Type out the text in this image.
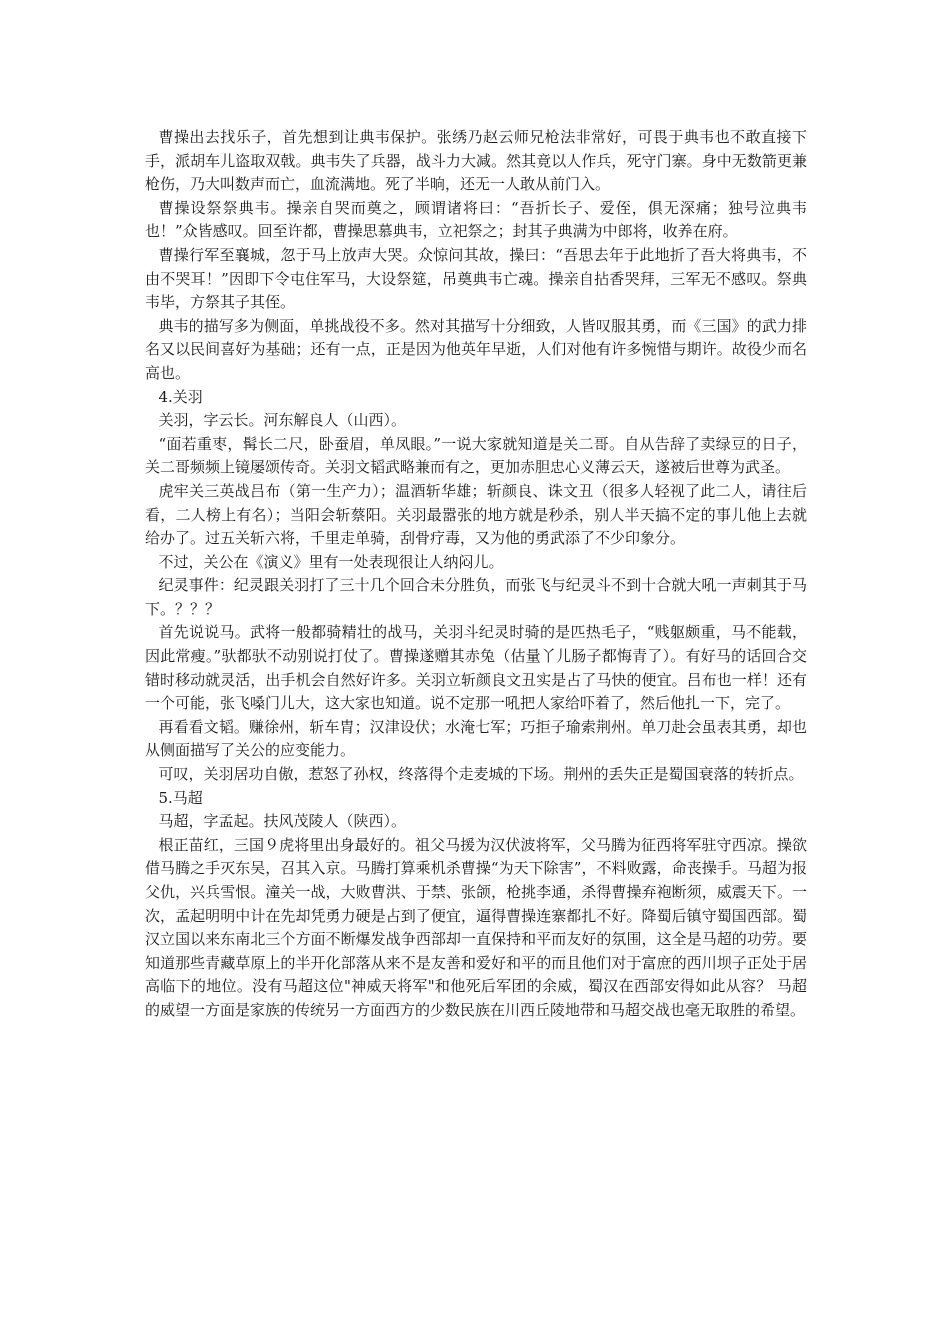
曹操出去找乐子，首先想到让典韦保护。张绣乃赵云师兄枪法非常好，可畏于典韦也不敢直接下手，派胡车儿盗取双戟。典韦失了兵器，战斗力大减。然其竟以人作兵，死守门寨。身中无数箭更兼枪伤，乃大叫数声而亡，血流满地。死了半晌，还无一人敢从前门入。

曹操设祭祭典韦。操亲自哭而奠之，顾谓诸将曰：“吾折长子、爱侄，俱无深痛；独号泣典韦也！”众皆感叹。回至许都，曹操思慕典韦，立祀祭之；封其子典满为中郎将，收养在府。

曹操行军至襄城，忽于马上放声大哭。众惊问其故，操曰：“吾思去年于此地折了吾大将典韦，不由不哭耳！”因即下令屯住军马，大设祭筵，吊奠典韦亡魂。操亲自拈香哭拜，三军无不感叹。祭典韦毕，方祭其子其侄。

典韦的描写多为侧面，单挑战役不多。然对其描写十分细致，人皆叹服其勇，而《三国》的武力排名又以民间喜好为基础；还有一点，正是因为他英年早逝，人们对他有许多惋惜与期许。故役少而名高也。

4.关羽

关羽，字云长。河东解良人（山西）。

“面若重枣，髯长二尺，卧蚕眉，单凤眼。”一说大家就知道是关二哥。自从告辞了卖绿豆的日子，关二哥频频上镜屡颂传奇。关羽文韬武略兼而有之，更加赤胆忠心义薄云天，遂被后世尊为武圣。

虎牢关三英战吕布（第一生产力）；温酒斩华雄；斩颜良、诛文丑（很多人轻视了此二人，请往后看，二人榜上有名）；当阳会斩蔡阳。关羽最嚣张的地方就是秒杀，别人半天搞不定的事儿他上去就给办了。过五关斩六将，千里走单骑，刮骨疗毒，又为他的勇武添了不少印象分。

不过，关公在《演义》里有一处表现很让人纳闷儿。

纪灵事件：纪灵跟关羽打了三十几个回合未分胜负，而张飞与纪灵斗不到十合就大吼一声刺其于马下。？？？

首先说说马。武将一般都骑精壮的战马，关羽斗纪灵时骑的是匹热毛子，“贱躯颇重，马不能载，因此常瘦。”驮都驮不动别说打仗了。曹操遂赠其赤兔（估量丫儿肠子都悔青了）。有好马的话回合交错时移动就灵活，出手机会自然好许多。关羽立斩颜良文丑实是占了马快的便宜。吕布也一样！还有一个可能，张飞嗓门儿大，这大家也知道。说不定那一吼把人家给吓着了，然后他扎一下，完了。

再看看文韬。赚徐州，斩车胄；汉津设伏；水淹七军；巧拒子瑜索荆州。单刀赴会虽表其勇，却也从侧面描写了关公的应变能力。

可叹，关羽居功自傲，惹怒了孙权，终落得个走麦城的下场。荆州的丢失正是蜀国衰落的转折点。

5.马超

马超，字孟起。扶风茂陵人（陕西）。

根正苗红，三国９虎将里出身最好的。祖父马援为汉伏波将军，父马腾为征西将军驻守西凉。操欲借马腾之手灭东吴，召其入京。马腾打算乘机杀曹操“为天下除害”，不料败露，命丧操手。马超为报父仇，兴兵雪恨。潼关一战，大败曹洪、于禁、张颌，枪挑李通，杀得曹操弃袍断须，威震天下。一次，孟起明明中计在先却凭勇力硬是占到了便宜，逼得曹操连寨都扎不好。降蜀后镇守蜀国西部。蜀汉立国以来东南北三个方面不断爆发战争西部却一直保持和平而友好的氛围，这全是马超的功劳。要知道那些青藏草原上的半开化部落从来不是友善和爱好和平的而且他们对于富庶的西川坝子正处于居高临下的地位。没有马超这位"神威天将军"和他死后军团的余威，蜀汉在西部安得如此从容？ 马超的威望一方面是家族的传统另一方面西方的少数民族在川西丘陵地带和马超交战也毫无取胜的希望。
